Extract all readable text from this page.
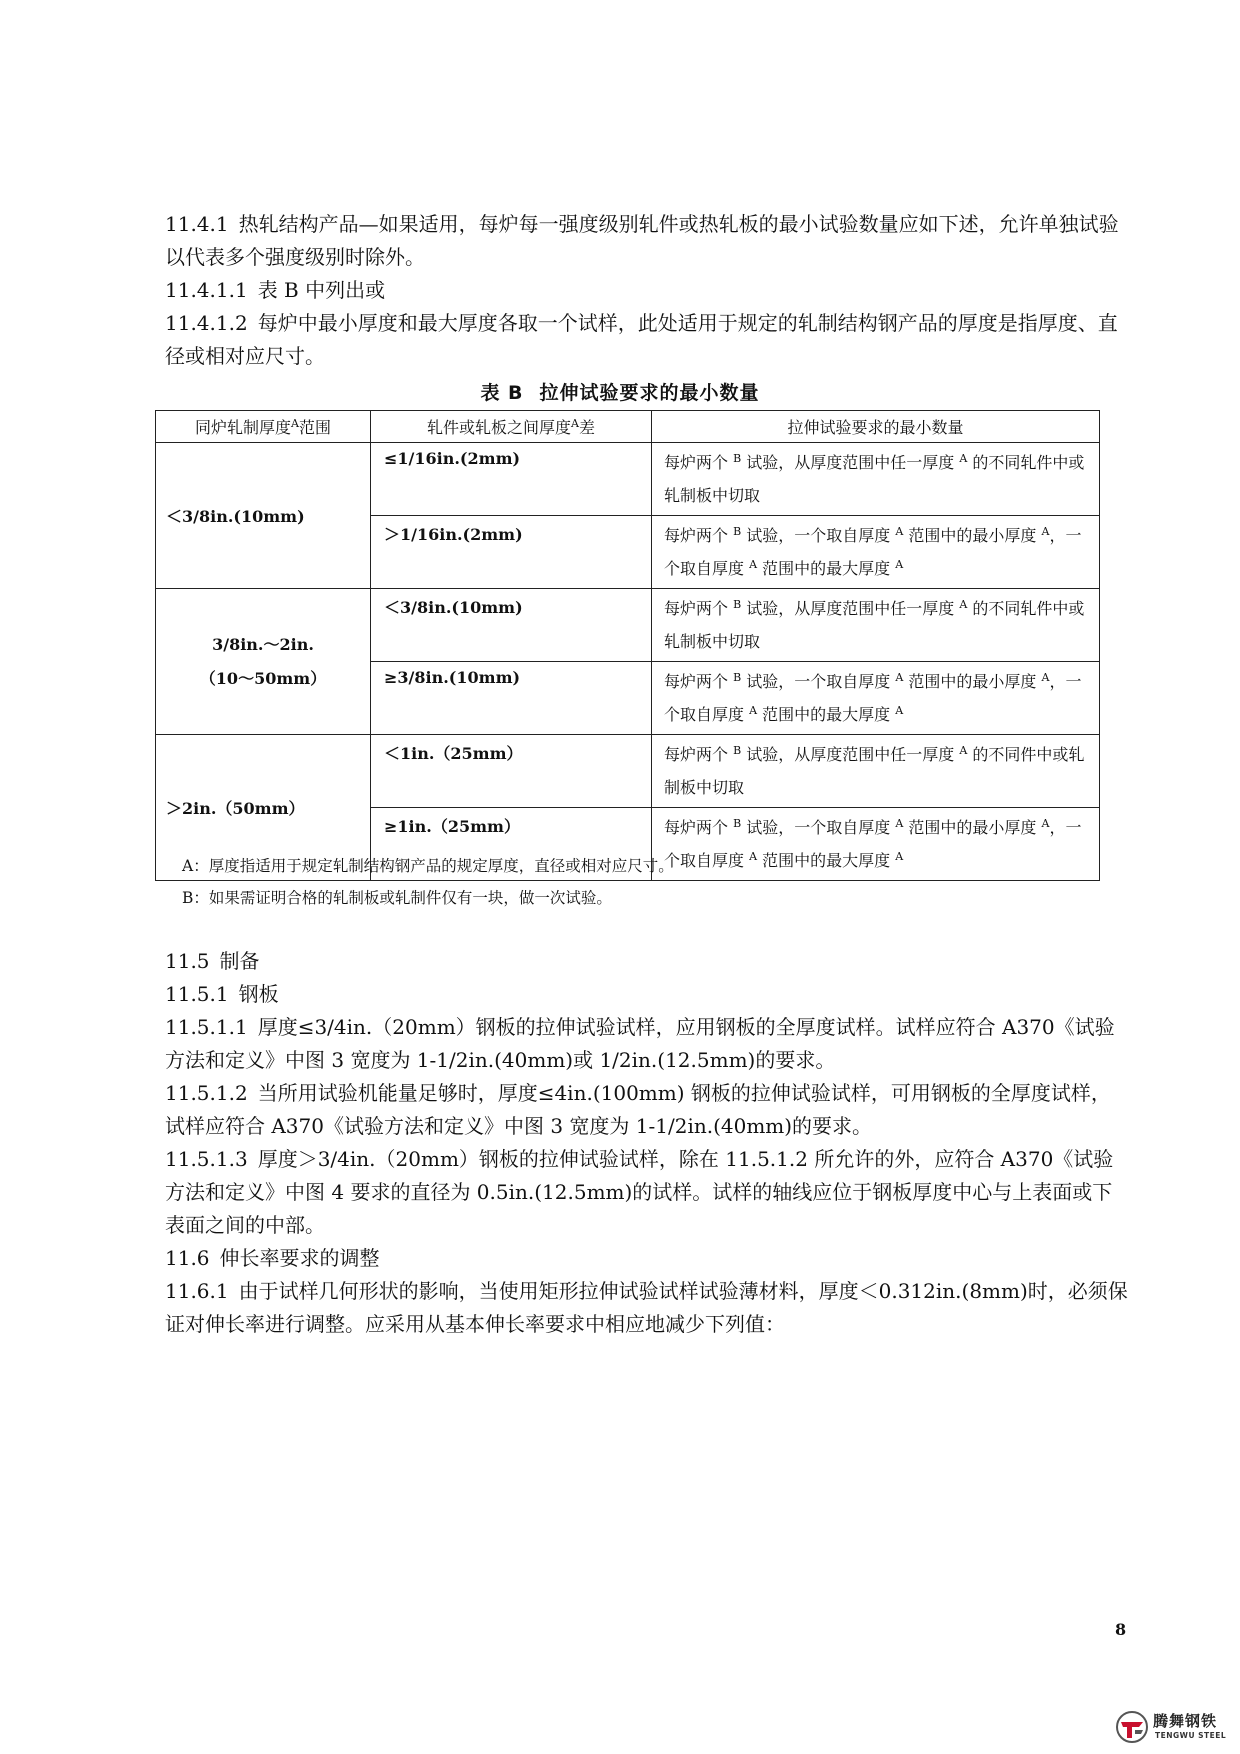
11.4.1 热轧结构产品—如果适用，每炉每一强度级别轧件或热轧板的最小试验数量应如下述，允许单独试验以代表多个强度级别时除外。

11.4.1.1 表 B 中列出或

11.4.1.2 每炉中最小厚度和最大厚度各取一个试样，此处适用于规定的轧制结构钢产品的厚度是指厚度、直径或相对应尺寸。

表 B 拉伸试验要求的最小数量
同炉轧制厚度$^A$范围	轧件或轧板之间厚度$^A$差	拉伸试验要求的最小数量
＜3/8in.(10mm)	≤1/16in.(2mm)	每炉两个 $^B$ 试验，从厚度范围中任一厚度 $^A$ 的不同轧件中或轧制板中切取
	＞1/16in.(2mm)	每炉两个 $^B$ 试验，一个取自厚度 $^A$ 范围中的最小厚度 $^A$，一个取自厚度 $^A$ 范围中的最大厚度 $^A$
3/8in.～2in.
（10～50mm）	＜3/8in.(10mm)	每炉两个 $^B$ 试验，从厚度范围中任一厚度 $^A$ 的不同轧件中或轧制板中切取
	≥3/8in.(10mm)	每炉两个 $^B$ 试验，一个取自厚度 $^A$ 范围中的最小厚度 $^A$，一个取自厚度 $^A$ 范围中的最大厚度 $^A$
＞2in.（50mm）	＜1in.（25mm）	每炉两个 $^B$ 试验，从厚度范围中任一厚度 $^A$ 的不同件中或轧制板中切取
	≥1in.（25mm）	每炉两个 $^B$ 试验，一个取自厚度 $^A$ 范围中的最小厚度 $^A$，一个取自厚度 $^A$ 范围中的最大厚度 $^A$

A：厚度指适用于规定轧制结构钢产品的规定厚度，直径或相对应尺寸。

B：如果需证明合格的轧制板或轧制件仅有一块，做一次试验。

11.5 制备

11.5.1 钢板

11.5.1.1 厚度≤3/4in.（20mm）钢板的拉伸试验试样，应用钢板的全厚度试样。试样应符合 A370《试验方法和定义》中图 3 宽度为 1-1/2in.(40mm)或 1/2in.(12.5mm)的要求。

11.5.1.2 当所用试验机能量足够时，厚度≤4in.(100mm) 钢板的拉伸试验试样，可用钢板的全厚度试样，试样应符合 A370《试验方法和定义》中图 3 宽度为 1-1/2in.(40mm)的要求。

11.5.1.3 厚度＞3/4in.（20mm）钢板的拉伸试验试样，除在 11.5.1.2 所允许的外，应符合 A370《试验方法和定义》中图 4 要求的直径为 0.5in.(12.5mm)的试样。试样的轴线应位于钢板厚度中心与上表面或下表面之间的中部。

11.6 伸长率要求的调整

11.6.1 由于试样几何形状的影响，当使用矩形拉伸试验试样试验薄材料，厚度＜0.312in.(8mm)时，必须保证对伸长率进行调整。应采用从基本伸长率要求中相应地减少下列值：

8
腾舞钢铁
TENGWU STEEL
